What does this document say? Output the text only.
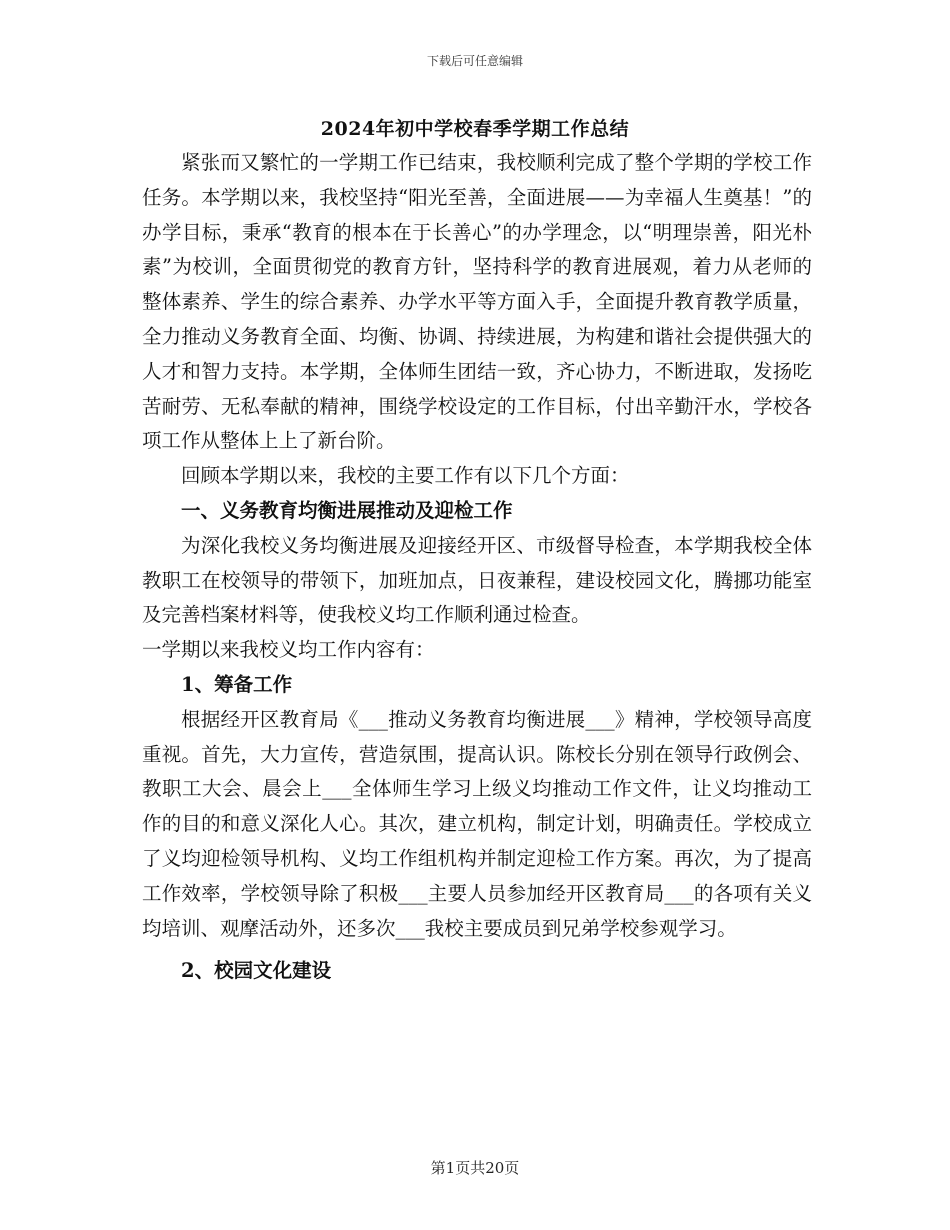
下载后可任意编辑
2024年初中学校春季学期工作总结

紧张而又繁忙的一学期工作已结束，我校顺利完成了整个学期的学校工作任务。本学期以来，我校坚持“阳光至善，全面进展——为幸福人生奠基！”的办学目标，秉承“教育的根本在于长善心”的办学理念，以“明理崇善，阳光朴素”为校训，全面贯彻党的教育方针，坚持科学的教育进展观，着力从老师的整体素养、学生的综合素养、办学水平等方面入手，全面提升教育教学质量，全力推动义务教育全面、均衡、协调、持续进展，为构建和谐社会提供强大的人才和智力支持。本学期，全体师生团结一致，齐心协力，不断进取，发扬吃苦耐劳、无私奉献的精神，围绕学校设定的工作目标，付出辛勤汗水，学校各项工作从整体上上了新台阶。

回顾本学期以来，我校的主要工作有以下几个方面：

一、义务教育均衡进展推动及迎检工作

为深化我校义务均衡进展及迎接经开区、市级督导检查，本学期我校全体教职工在校领导的带领下，加班加点，日夜兼程，建设校园文化，腾挪功能室及完善档案材料等，使我校义均工作顺利通过检查。

一学期以来我校义均工作内容有：

1、筹备工作

根据经开区教育局《___推动义务教育均衡进展___》精神，学校领导高度重视。首先，大力宣传，营造氛围，提高认识。陈校长分别在领导行政例会、教职工大会、晨会上___全体师生学习上级义均推动工作文件，让义均推动工作的目的和意义深化人心。其次，建立机构，制定计划，明确责任。学校成立了义均迎检领导机构、义均工作组机构并制定迎检工作方案。再次，为了提高工作效率，学校领导除了积极___主要人员参加经开区教育局___的各项有关义均培训、观摩活动外，还多次___我校主要成员到兄弟学校参观学习。

2、校园文化建设
第1页共20页
